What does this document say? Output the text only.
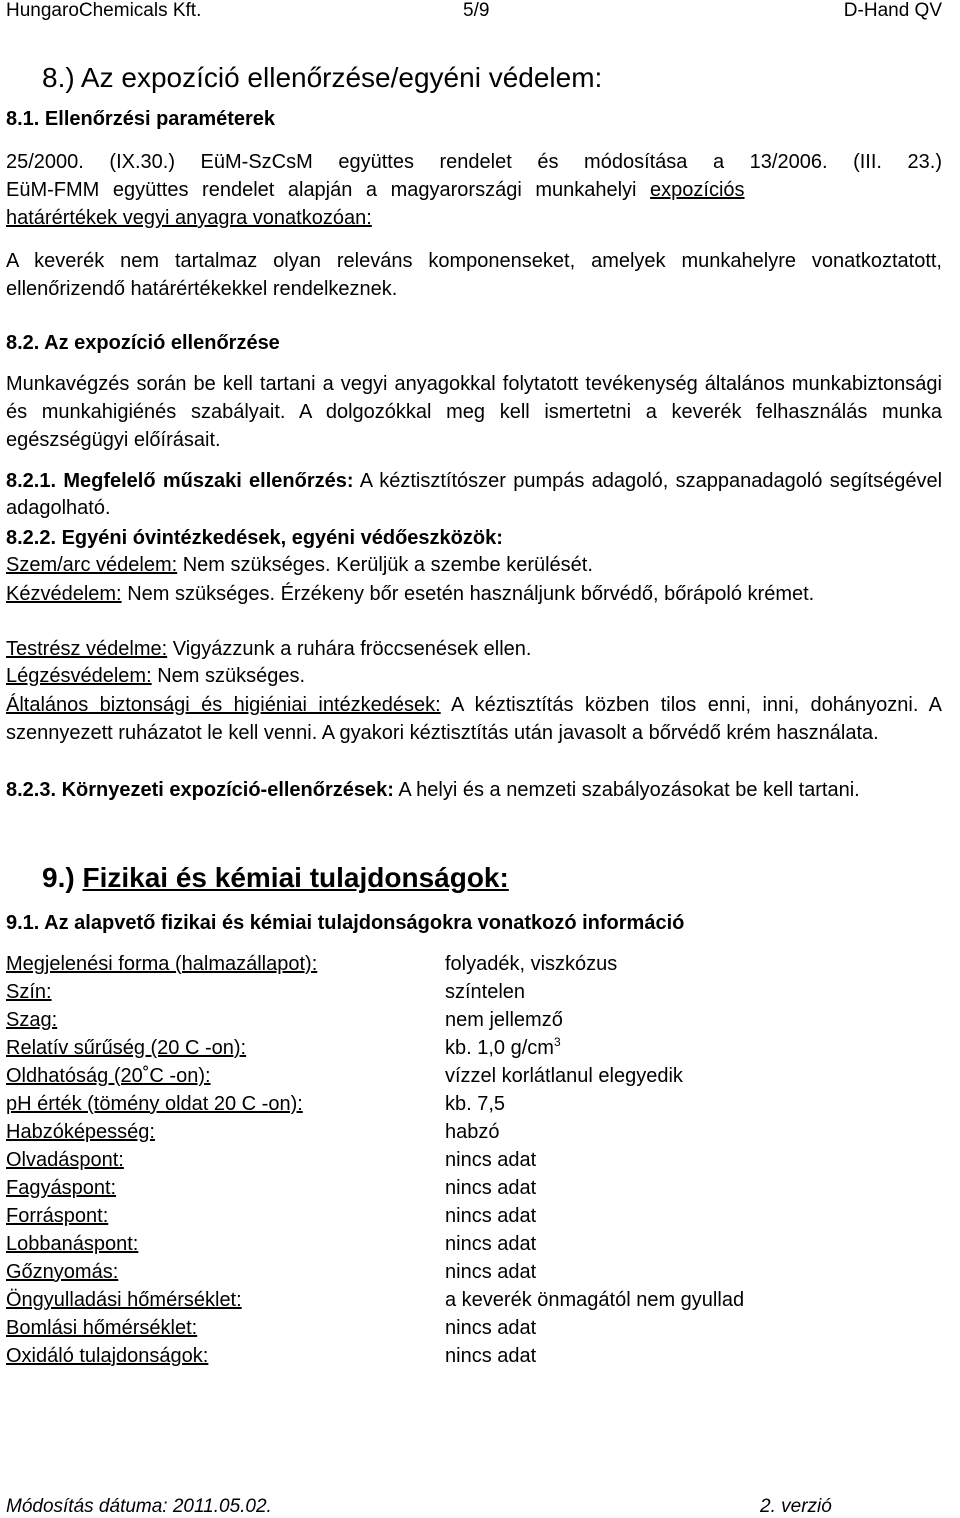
HungaroChemicals Kft.	5/9	D-Hand QV
8.) Az expozíció ellenőrzése/egyéni védelem:
8.1. Ellenőrzési paraméterek
25/2000. (IX.30.) EüM-SzCsM együttes rendelet és módosítása a 13/2006. (III. 23.)
EüM-FMM együttes rendelet alapján a magyarországi munkahelyi expozíciós
határértékek vegyi anyagra vonatkozóan:
A keverék nem tartalmaz olyan releváns komponenseket, amelyek munkahelyre vonatkoztatott, ellenőrizendő határértékekkel rendelkeznek.
8.2. Az expozíció ellenőrzése
Munkavégzés során be kell tartani a vegyi anyagokkal folytatott tevékenység általános munkabiztonsági és munkahigiénés szabályait. A dolgozókkal meg kell ismertetni a keverék felhasználás munka egészségügyi előírásait.
8.2.1. Megfelelő műszaki ellenőrzés: A kéztisztítószer pumpás adagoló, szappanadagoló segítségével adagolható.
8.2.2. Egyéni óvintézkedések, egyéni védőeszközök:
Szem/arc védelem: Nem szükséges. Kerüljük a szembe kerülését.
Kézvédelem: Nem szükséges. Érzékeny bőr esetén használjunk bőrvédő, bőrápoló krémet.
Testrész védelme: Vigyázzunk a ruhára fröccsenések ellen.
Légzésvédelem: Nem szükséges.
Általános biztonsági és higiéniai intézkedések: A kéztisztítás közben tilos enni, inni, dohányozni. A szennyezett ruházatot le kell venni. A gyakori kéztisztítás után javasolt a bőrvédő krém használata.
8.2.3. Környezeti expozíció-ellenőrzések: A helyi és a nemzeti szabályozásokat be kell tartani.
9.) Fizikai és kémiai tulajdonságok:
9.1. Az alapvető fizikai és kémiai tulajdonságokra vonatkozó információ
Megjelenési forma (halmazállapot):	folyadék, viszkózus
Szín:	színtelen
Szag:	nem jellemző
Relatív sűrűség (20 C -on):	kb. 1,0 $g/cm^3$
Oldhatóság (20˚C -on):	vízzel korlátlanul elegyedik
pH érték (tömény oldat 20 C -on):	kb. 7,5
Habzóképesség:	habzó
Olvadáspont:	nincs adat
Fagyáspont:	nincs adat
Forráspont:	nincs adat
Lobbanáspont:	nincs adat
Gőznyomás:	nincs adat
Öngyulladási hőmérséklet:	a keverék önmagától nem gyullad
Bomlási hőmérséklet:	nincs adat
Oxidáló tulajdonságok:	nincs adat
Módosítás dátuma: 2011.05.02.	2. verzió
